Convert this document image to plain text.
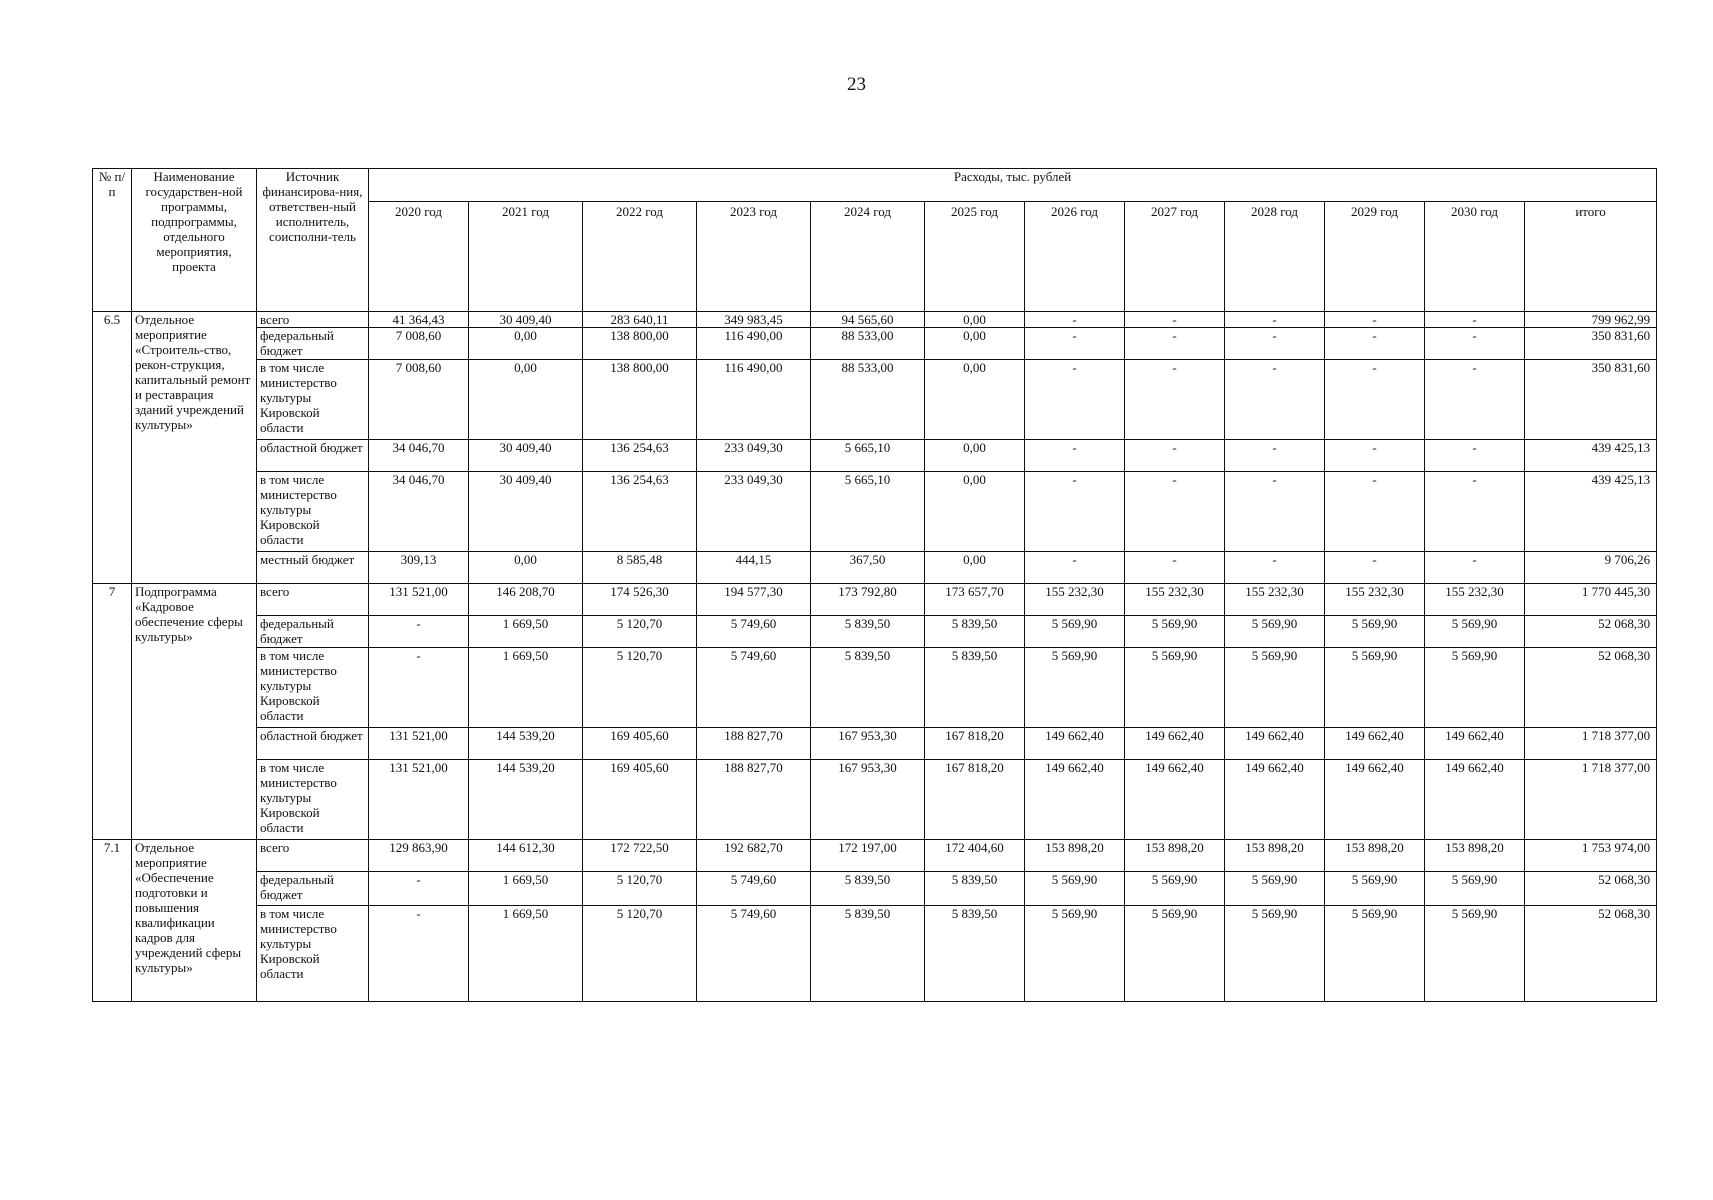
23
№ п/п	Наименование государствен-ной программы, подпрограммы, отдельного мероприятия, проекта	Источник финансирова-ния, ответствен-ный исполнитель, соисполни-тель	Расходы, тыс. рублей											
			2020 год	2021 год	2022 год	2023 год	2024 год	2025 год	2026 год	2027 год	2028 год	2029 год	2030 год	итого
6.5	Отдельное мероприятие «Строитель-ство, рекон-струкция, капитальный ремонт и реставрация зданий учреждений культуры»	всего	41 364,43	30 409,40	283 640,11	349 983,45	94 565,60	0,00	-	-	-	-	-	799 962,99
		федеральный бюджет	7 008,60	0,00	138 800,00	116 490,00	88 533,00	0,00	-	-	-	-	-	350 831,60
		в том числе министерство культуры Кировской области	7 008,60	0,00	138 800,00	116 490,00	88 533,00	0,00	-	-	-	-	-	350 831,60
		областной бюджет	34 046,70	30 409,40	136 254,63	233 049,30	5 665,10	0,00	-	-	-	-	-	439 425,13
		в том числе министерство культуры Кировской области	34 046,70	30 409,40	136 254,63	233 049,30	5 665,10	0,00	-	-	-	-	-	439 425,13
		местный бюджет	309,13	0,00	8 585,48	444,15	367,50	0,00	-	-	-	-	-	9 706,26
7	Подпрограмма «Кадровое обеспечение сферы культуры»	всего	131 521,00	146 208,70	174 526,30	194 577,30	173 792,80	173 657,70	155 232,30	155 232,30	155 232,30	155 232,30	155 232,30	1 770 445,30
		федеральный бюджет	-	1 669,50	5 120,70	5 749,60	5 839,50	5 839,50	5 569,90	5 569,90	5 569,90	5 569,90	5 569,90	52 068,30
		в том числе министерство культуры Кировской области	-	1 669,50	5 120,70	5 749,60	5 839,50	5 839,50	5 569,90	5 569,90	5 569,90	5 569,90	5 569,90	52 068,30
		областной бюджет	131 521,00	144 539,20	169 405,60	188 827,70	167 953,30	167 818,20	149 662,40	149 662,40	149 662,40	149 662,40	149 662,40	1 718 377,00
		в том числе министерство культуры Кировской области	131 521,00	144 539,20	169 405,60	188 827,70	167 953,30	167 818,20	149 662,40	149 662,40	149 662,40	149 662,40	149 662,40	1 718 377,00
7.1	Отдельное мероприятие «Обеспечение подготовки и повышения квалификации кадров для учреждений сферы культуры»	всего	129 863,90	144 612,30	172 722,50	192 682,70	172 197,00	172 404,60	153 898,20	153 898,20	153 898,20	153 898,20	153 898,20	1 753 974,00
		федеральный бюджет	-	1 669,50	5 120,70	5 749,60	5 839,50	5 839,50	5 569,90	5 569,90	5 569,90	5 569,90	5 569,90	52 068,30
		в том числе министерство культуры Кировской области	-	1 669,50	5 120,70	5 749,60	5 839,50	5 839,50	5 569,90	5 569,90	5 569,90	5 569,90	5 569,90	52 068,30
